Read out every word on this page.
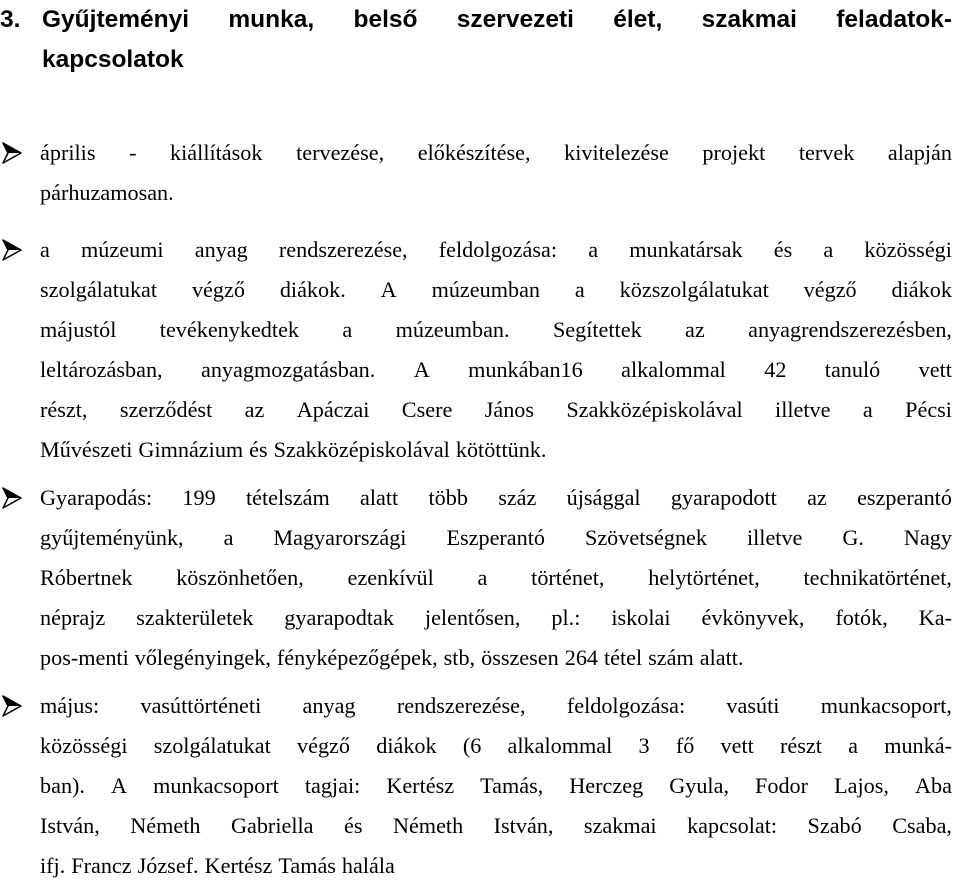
3. Gyűjteményi munka, belső szervezeti élet, szakmai feladatok-
kapcsolatok
április - kiállítások tervezése, előkészítése, kivitelezése projekt tervek alapján
párhuzamosan.
a múzeumi anyag rendszerezése, feldolgozása: a munkatársak és a közösségi
szolgálatukat végző diákok. A múzeumban a közszolgálatukat végző diákok
májustól tevékenykedtek a múzeumban. Segítettek az anyagrendszerezésben,
leltározásban, anyagmozgatásban. A munkában16 alkalommal 42 tanuló vett
részt, szerződést az Apáczai Csere János Szakközépiskolával illetve a Pécsi
Művészeti Gimnázium és Szakközépiskolával kötöttünk.
Gyarapodás: 199 tételszám alatt több száz újsággal gyarapodott az eszperantó
gyűjteményünk, a Magyarországi Eszperantó Szövetségnek illetve G. Nagy
Róbertnek köszönhetően, ezenkívül a történet, helytörténet, technikatörténet,
néprajz szakterületek gyarapodtak jelentősen, pl.: iskolai évkönyvek, fotók, Ka-
pos-menti vőlegényingek, fényképezőgépek, stb, összesen 264 tétel szám alatt.
május: vasúttörténeti anyag rendszerezése, feldolgozása: vasúti munkacsoport,
közösségi szolgálatukat végző diákok (6 alkalommal 3 fő vett részt a munká-
ban). A munkacsoport tagjai: Kertész Tamás, Herczeg Gyula, Fodor Lajos, Aba
István, Németh Gabriella és Németh István, szakmai kapcsolat: Szabó Csaba,
ifj. Francz József. Kertész Tamás halála
